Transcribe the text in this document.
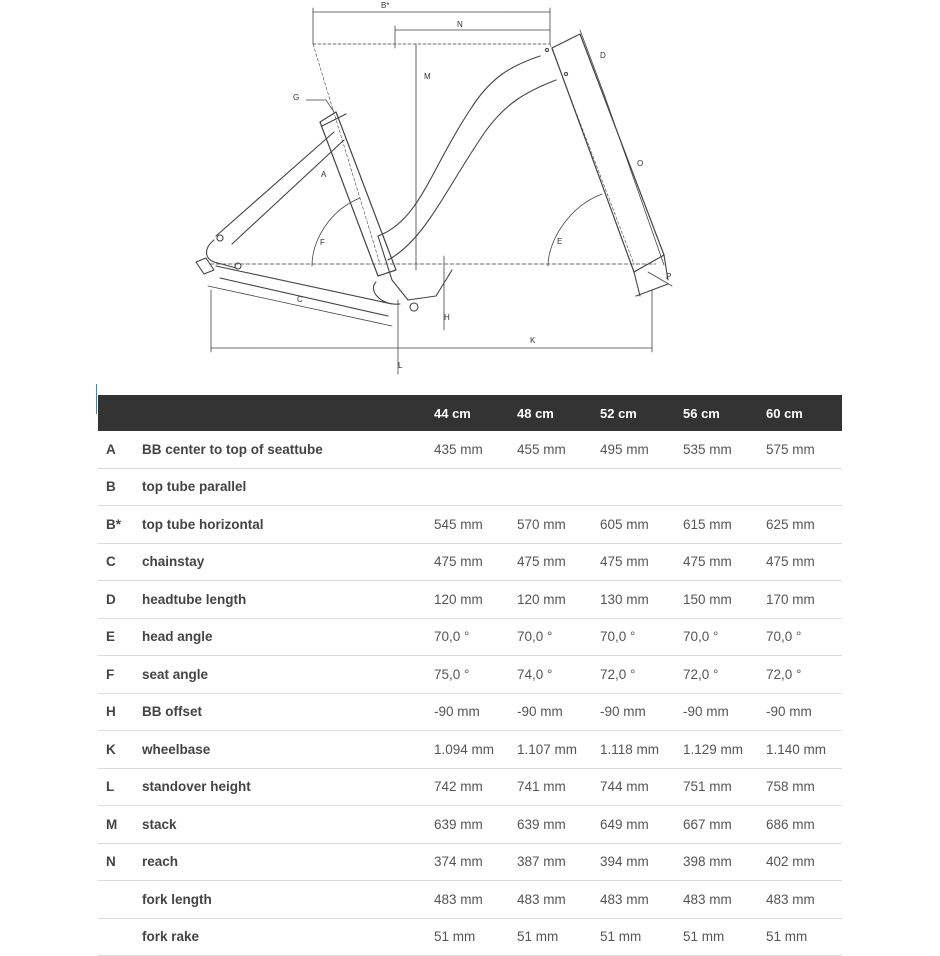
B*
N
M
D
G
A
O
F	E
C
P
H
K
L
		44 cm	48 cm	52 cm	56 cm	60 cm
A	BB center to top of seattube	435 mm	455 mm	495 mm	535 mm	575 mm
B	top tube parallel					
B*	top tube horizontal	545 mm	570 mm	605 mm	615 mm	625 mm
C	chainstay	475 mm	475 mm	475 mm	475 mm	475 mm
D	headtube length	120 mm	120 mm	130 mm	150 mm	170 mm
E	head angle	70,0 °	70,0 °	70,0 °	70,0 °	70,0 °
F	seat angle	75,0 °	74,0 °	72,0 °	72,0 °	72,0 °
H	BB offset	-90 mm	-90 mm	-90 mm	-90 mm	-90 mm
K	wheelbase	1.094 mm	1.107 mm	1.118 mm	1.129 mm	1.140 mm
L	standover height	742 mm	741 mm	744 mm	751 mm	758 mm
M	stack	639 mm	639 mm	649 mm	667 mm	686 mm
N	reach	374 mm	387 mm	394 mm	398 mm	402 mm
	fork length	483 mm	483 mm	483 mm	483 mm	483 mm
	fork rake	51 mm	51 mm	51 mm	51 mm	51 mm
